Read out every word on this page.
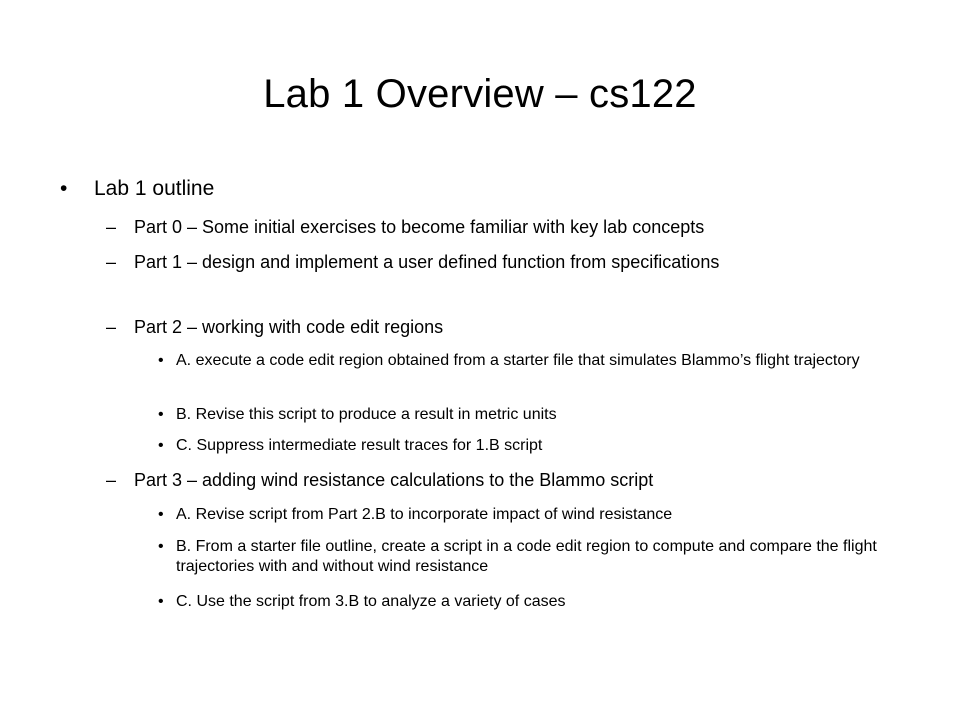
Lab 1 Overview – cs122
• Lab 1 outline
– Part 0 – Some initial exercises to become familiar with key lab concepts
– Part 1 – design and implement a user defined function from specifications
– Part 2 – working with code edit regions
• A. execute a code edit region obtained from a starter file that simulates Blammo’s flight trajectory
• B. Revise this script to produce a result in metric units
• C. Suppress intermediate result traces for 1.B script
– Part 3 – adding wind resistance calculations to the Blammo script
• A. Revise script from Part 2.B to incorporate impact of wind resistance
• B. From a starter file outline, create a script in a code edit region to compute and compare the flight trajectories with and without wind resistance
• C. Use the script from 3.B to analyze a variety of cases
